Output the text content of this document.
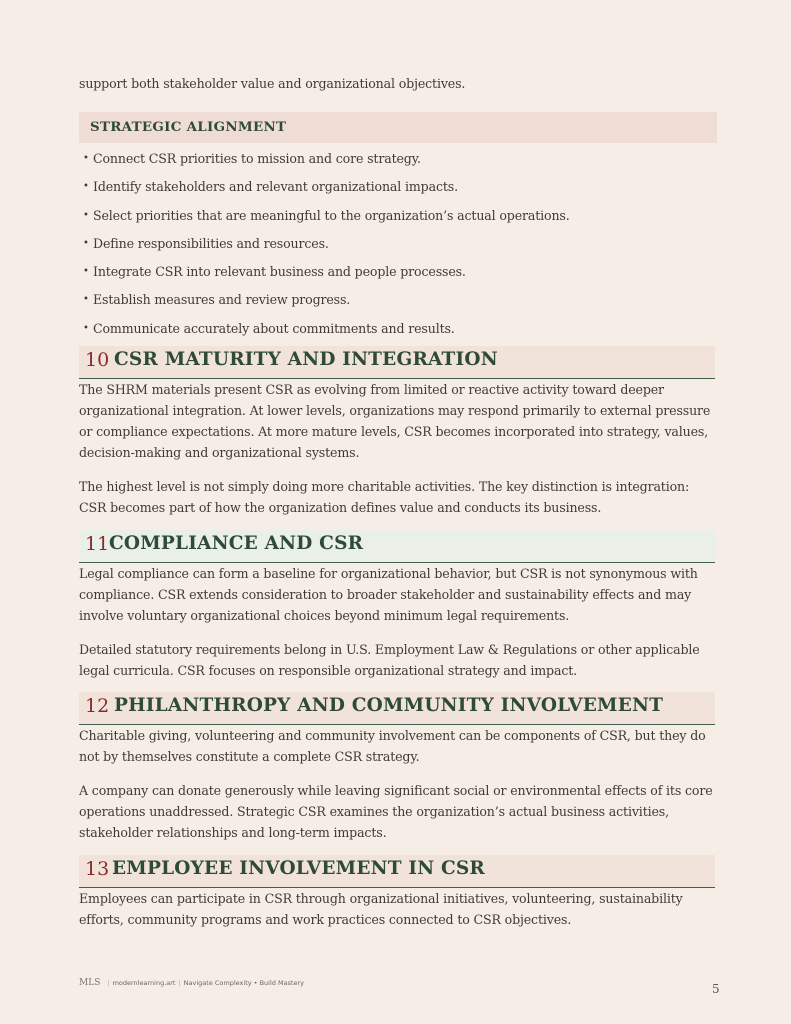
support both stakeholder value and organizational objectives.

STRATEGIC ALIGNMENT
• Connect CSR priorities to mission and core strategy.
• Identify stakeholders and relevant organizational impacts.
• Select priorities that are meaningful to the organization’s actual operations.
• Define responsibilities and resources.
• Integrate CSR into relevant business and people processes.
• Establish measures and review progress.
• Communicate accurately about commitments and results.
10 CSR MATURITY AND INTEGRATION

The SHRM materials present CSR as evolving from limited or reactive activity toward deeper organizational integration. At lower levels, organizations may respond primarily to external pressure or compliance expectations. At more mature levels, CSR becomes incorporated into strategy, values, decision-making and organizational systems.

The highest level is not simply doing more charitable activities. The key distinction is integration: CSR becomes part of how the organization defines value and conducts its business.

11 COMPLIANCE AND CSR

Legal compliance can form a baseline for organizational behavior, but CSR is not synonymous with compliance. CSR extends consideration to broader stakeholder and sustainability effects and may involve voluntary organizational choices beyond minimum legal requirements.

Detailed statutory requirements belong in U.S. Employment Law & Regulations or other applicable legal curricula. CSR focuses on responsible organizational strategy and impact.

12 PHILANTHROPY AND COMMUNITY INVOLVEMENT

Charitable giving, volunteering and community involvement can be components of CSR, but they do not by themselves constitute a complete CSR strategy.

A company can donate generously while leaving significant social or environmental effects of its core operations unaddressed. Strategic CSR examines the organization’s actual business activities, stakeholder relationships and long-term impacts.

13 EMPLOYEE INVOLVEMENT IN CSR

Employees can participate in CSR through organizational initiatives, volunteering, sustainability efforts, community programs and work practices connected to CSR objectives.

MLS | modernlearning.art | Navigate Complexity • Build Mastery	5
